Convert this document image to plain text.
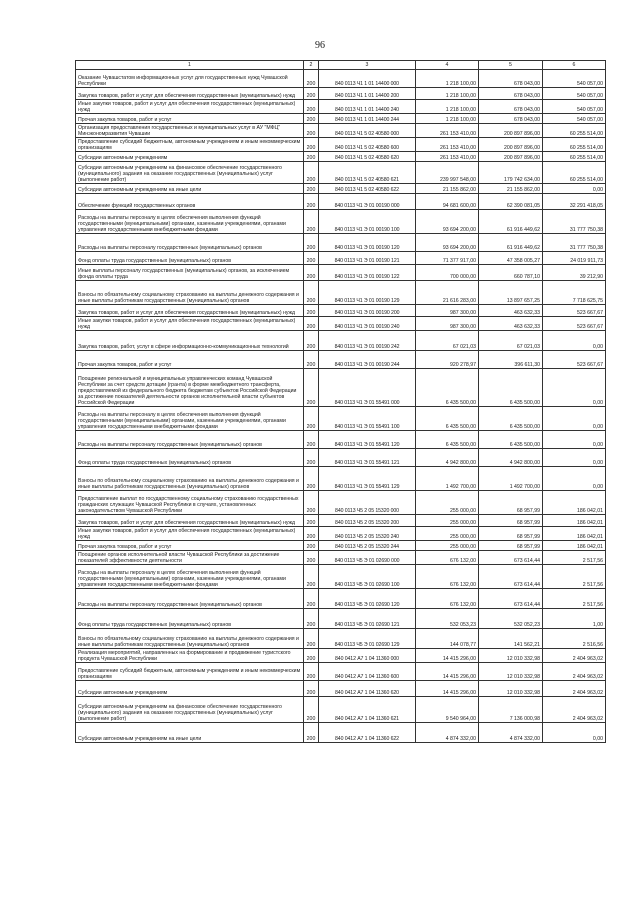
96
1	2	3	4	5	6
Оказание Чувашстатом информационных услуг для государственных нужд Чувашской Республики	200	840 0113 Ч1 1 01 14400 000	1 218 100,00	678 043,00	540 057,00
Закупка товаров, работ и услуг для обеспечения государственных (муниципальных) нужд	200	840 0113 Ч1 1 01 14400 200	1 218 100,00	678 043,00	540 057,00
Иные закупки товаров, работ и услуг для обеспечения государственных (муниципальных) нужд	200	840 0113 Ч1 1 01 14400 240	1 218 100,00	678 043,00	540 057,00
Прочая закупка товаров, работ и услуг	200	840 0113 Ч1 1 01 14400 244	1 218 100,00	678 043,00	540 057,00
Организация предоставления государственных и муниципальных услуг в АУ "МФЦ" Минэкономразвития Чувашии	200	840 0113 Ч1 5 02 40580 000	261 153 410,00	200 897 896,00	60 255 514,00
Предоставление субсидий бюджетным, автономным учреждениям и иным некоммерческим организациям	200	840 0113 Ч1 5 02 40580 600	261 153 410,00	200 897 896,00	60 255 514,00
Субсидии автономным учреждениям	200	840 0113 Ч1 5 02 40580 620	261 153 410,00	200 897 896,00	60 255 514,00
Субсидии автономным учреждениям на финансовое обеспечение государственного (муниципального) задания на оказание государственных (муниципальных) услуг (выполнение работ)	200	840 0113 Ч1 5 02 40580 621	239 997 548,00	179 742 634,00	60 255 514,00
Субсидии автономным учреждениям на иные цели	200	840 0113 Ч1 5 02 40580 622	21 155 862,00	21 155 862,00	0,00
Обеспечение функций государственных органов	200	840 0113 Ч1 Э 01 00190 000	94 681 600,00	62 390 081,05	32 291 418,05
Расходы на выплаты персоналу в целях обеспечения выполнения функций государственными (муниципальными) органами, казенными учреждениями, органами управления государственными внебюджетными фондами	200	840 0113 Ч1 Э 01 00190 100	93 694 200,00	61 916 449,62	31 777 750,38
Расходы на выплаты персоналу государственных (муниципальных) органов	200	840 0113 Ч1 Э 01 00190 120	93 694 200,00	61 916 449,62	31 777 750,38
Фонд оплаты труда государственных (муниципальных) органов	200	840 0113 Ч1 Э 01 00190 121	71 377 917,00	47 358 005,27	24 019 911,73
Иные выплаты персоналу государственных (муниципальных) органов, за исключением фонда оплаты труда	200	840 0113 Ч1 Э 01 00190 122	700 000,00	660 787,10	39 212,90
Взносы по обязательному социальному страхованию на выплаты денежного содержания и иные выплаты работникам государственных (муниципальных) органов	200	840 0113 Ч1 Э 01 00190 129	21 616 283,00	13 897 657,25	7 718 625,75
Закупка товаров, работ и услуг для обеспечения государственных (муниципальных) нужд	200	840 0113 Ч1 Э 01 00190 200	987 300,00	463 632,33	523 667,67
Иные закупки товаров, работ и услуг для обеспечения государственных (муниципальных) нужд	200	840 0113 Ч1 Э 01 00190 240	987 300,00	463 632,33	523 667,67
Закупка товаров, работ, услуг в сфере информационно-коммуникационных технологий	200	840 0113 Ч1 Э 01 00190 242	67 021,03	67 021,03	0,00
Прочая закупка товаров, работ и услуг	200	840 0113 Ч1 Э 01 00190 244	920 278,97	396 611,30	523 667,67
Поощрение региональной и муниципальных управленческих команд Чувашской Республики за счет средств дотации (гранта) в форме межбюджетного трансферта, предоставляемой из федерального бюджета бюджетам субъектов Российской Федерации за достижение показателей деятельности органов исполнительной власти субъектов Российской Федерации	200	840 0113 Ч1 Э 01 55491 000	6 435 500,00	6 435 500,00	0,00
Расходы на выплаты персоналу в целях обеспечения выполнения функций государственными (муниципальными) органами, казенными учреждениями, органами управления государственными внебюджетными фондами	200	840 0113 Ч1 Э 01 55491 100	6 435 500,00	6 435 500,00	0,00
Расходы на выплаты персоналу государственных (муниципальных) органов	200	840 0113 Ч1 Э 01 55491 120	6 435 500,00	6 435 500,00	0,00
Фонд оплаты труда государственных (муниципальных) органов	200	840 0113 Ч1 Э 01 55491 121	4 942 800,00	4 942 800,00	0,00
Взносы по обязательному социальному страхованию на выплаты денежного содержания и иные выплаты работникам государственных (муниципальных) органов	200	840 0113 Ч1 Э 01 55491 129	1 492 700,00	1 492 700,00	0,00
Предоставление выплат по государственному социальному страхованию государственных гражданских служащих Чувашской Республики в случаях, установленных законодательством Чувашской Республики	200	840 0113 Ч5 2 05 15320 000	255 000,00	68 957,99	186 042,01
Закупка товаров, работ и услуг для обеспечения государственных (муниципальных) нужд	200	840 0113 Ч5 2 05 15320 200	255 000,00	68 957,99	186 042,01
Иные закупки товаров, работ и услуг для обеспечения государственных (муниципальных) нужд	200	840 0113 Ч5 2 05 15320 240	255 000,00	68 957,99	186 042,01
Прочая закупка товаров, работ и услуг	200	840 0113 Ч5 2 05 15320 244	255 000,00	68 957,99	186 042,01
Поощрение органов исполнительной власти Чувашской Республики за достижение показателей эффективности деятельности	200	840 0113 Ч5 Э 01 02690 000	676 132,00	673 614,44	2 517,56
Расходы на выплаты персоналу в целях обеспечения выполнения функций государственными (муниципальными) органами, казенными учреждениями, органами управления государственными внебюджетными фондами	200	840 0113 Ч5 Э 01 02690 100	676 132,00	673 614,44	2 517,56
Расходы на выплаты персоналу государственных (муниципальных) органов	200	840 0113 Ч5 Э 01 02690 120	676 132,00	673 614,44	2 517,56
Фонд оплаты труда государственных (муниципальных) органов	200	840 0113 Ч5 Э 01 02690 121	532 053,23	532 052,23	1,00
Взносы по обязательному социальному страхованию на выплаты денежного содержания и иные выплаты работникам государственных (муниципальных) органов	200	840 0113 Ч5 Э 01 02690 129	144 078,77	141 562,21	2 516,56
Реализация мероприятий, направленных на формирование и продвижение туристского продукта Чувашской Республики	200	840 0412 А7 1 04 11360 000	14 415 296,00	12 010 332,98	2 404 963,02
Предоставление субсидий бюджетным, автономным учреждениям и иным некоммерческим организациям	200	840 0412 А7 1 04 11360 600	14 415 296,00	12 010 332,98	2 404 963,02
Субсидии автономным учреждениям	200	840 0412 А7 1 04 11360 620	14 415 296,00	12 010 332,98	2 404 963,02
Субсидии автономным учреждениям на финансовое обеспечение государственного (муниципального) задания на оказание государственных (муниципальных) услуг (выполнение работ)	200	840 0412 А7 1 04 11360 621	9 540 964,00	7 136 000,98	2 404 963,02
Субсидии автономным учреждениям на иные цели	200	840 0412 А7 1 04 11360 622	4 874 332,00	4 874 332,00	0,00
